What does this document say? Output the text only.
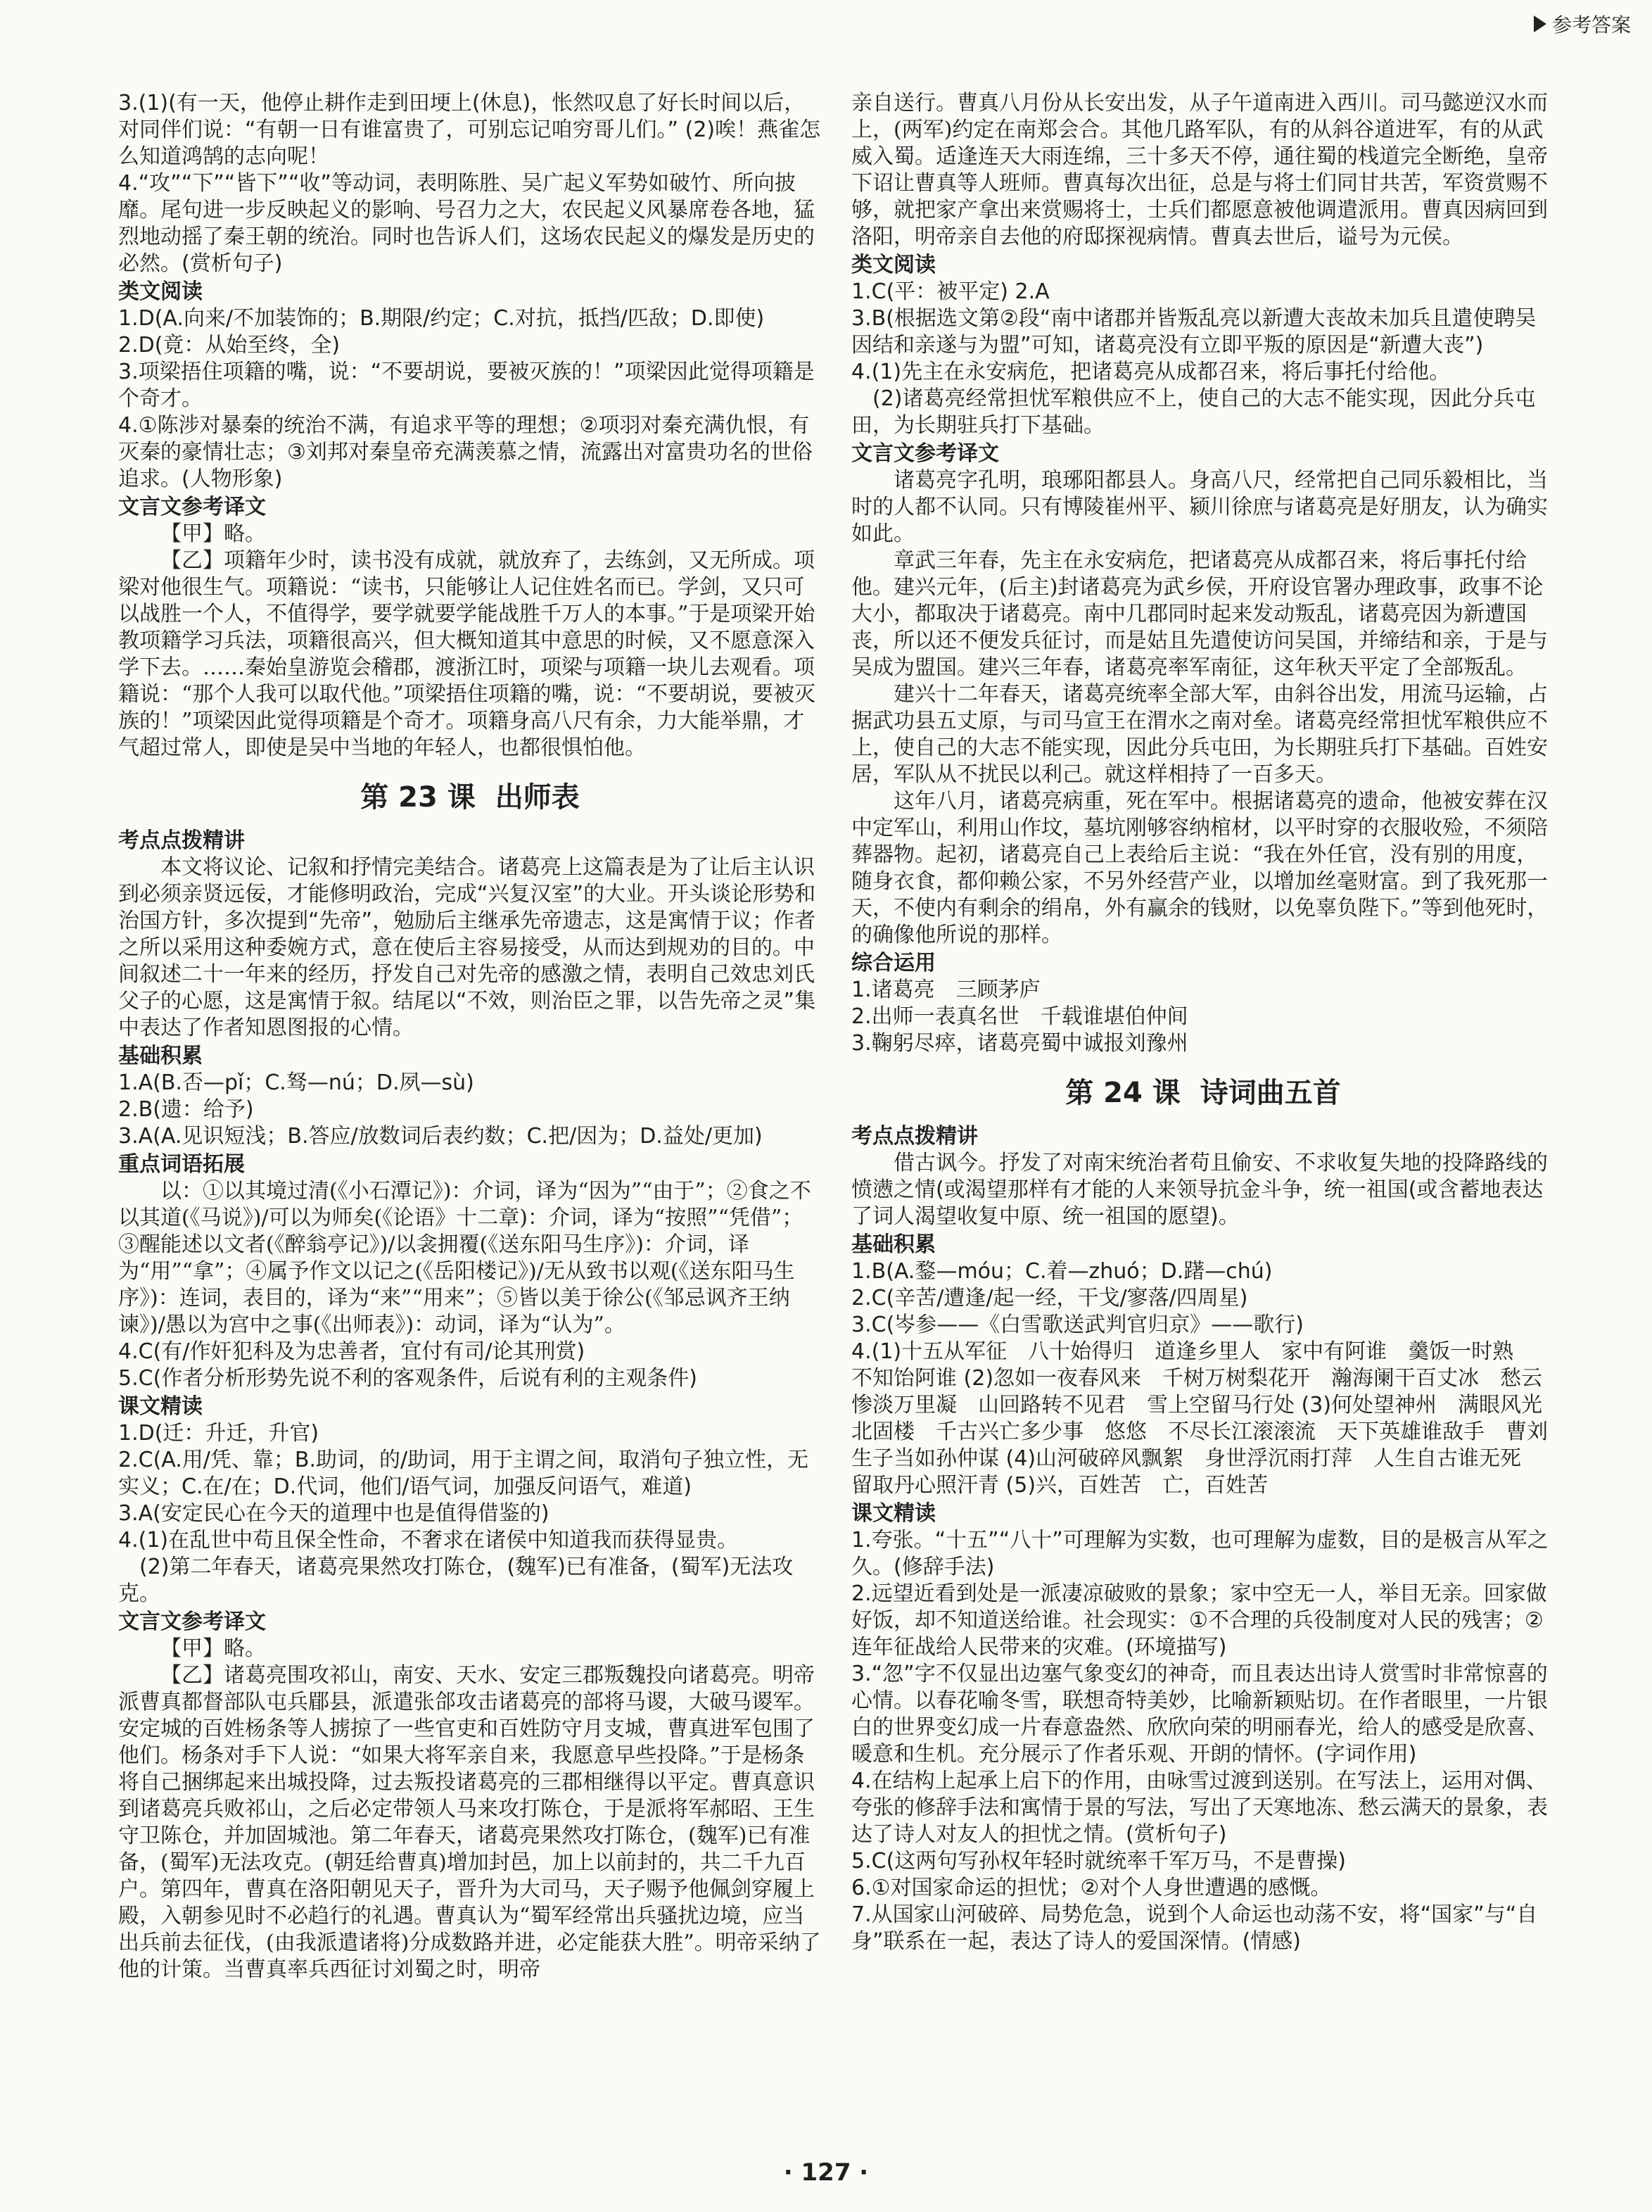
参考答案

3.(1)(有一天，他停止耕作走到田埂上(休息)，怅然叹息了好长时间以后，对同伴们说：“有朝一日有谁富贵了，可别忘记咱穷哥儿们。” (2)唉！燕雀怎么知道鸿鹄的志向呢！

4.“攻”“下”“皆下”“收”等动词，表明陈胜、吴广起义军势如破竹、所向披靡。尾句进一步反映起义的影响、号召力之大，农民起义风暴席卷各地，猛烈地动摇了秦王朝的统治。同时也告诉人们，这场农民起义的爆发是历史的必然。(赏析句子)

类文阅读

1.D(A.向来/不加装饰的；B.期限/约定；C.对抗，抵挡/匹敌；D.即使)

2.D(竟：从始至终，全)

3.项梁捂住项籍的嘴，说：“不要胡说，要被灭族的！”项梁因此觉得项籍是个奇才。

4.①陈涉对暴秦的统治不满，有追求平等的理想；②项羽对秦充满仇恨，有灭秦的豪情壮志；③刘邦对秦皇帝充满羡慕之情，流露出对富贵功名的世俗追求。(人物形象)

文言文参考译文

【甲】略。

【乙】项籍年少时，读书没有成就，就放弃了，去练剑，又无所成。项梁对他很生气。项籍说：“读书，只能够让人记住姓名而已。学剑，又只可以战胜一个人，不值得学，要学就要学能战胜千万人的本事。”于是项梁开始教项籍学习兵法，项籍很高兴，但大概知道其中意思的时候，又不愿意深入学下去。……秦始皇游览会稽郡，渡浙江时，项梁与项籍一块儿去观看。项籍说：“那个人我可以取代他。”项梁捂住项籍的嘴，说：“不要胡说，要被灭族的！”项梁因此觉得项籍是个奇才。项籍身高八尺有余，力大能举鼎，才气超过常人，即使是吴中当地的年轻人，也都很惧怕他。

第 23 课 出师表

考点点拨精讲

本文将议论、记叙和抒情完美结合。诸葛亮上这篇表是为了让后主认识到必须亲贤远佞，才能修明政治，完成“兴复汉室”的大业。开头谈论形势和治国方针，多次提到“先帝”，勉励后主继承先帝遗志，这是寓情于议；作者之所以采用这种委婉方式，意在使后主容易接受，从而达到规劝的目的。中间叙述二十一年来的经历，抒发自己对先帝的感激之情，表明自己效忠刘氏父子的心愿，这是寓情于叙。结尾以“不效，则治臣之罪，以告先帝之灵”集中表达了作者知恩图报的心情。

基础积累

1.A(B.否—pǐ；C.驽—nú；D.夙—sù)

2.B(遗：给予)

3.A(A.见识短浅；B.答应/放数词后表约数；C.把/因为；D.益处/更加)

重点词语拓展

以：①以其境过清(《小石潭记》)：介词，译为“因为”“由于”；②食之不以其道(《马说》)/可以为师矣(《论语》十二章)：介词，译为“按照”“凭借”；③醒能述以文者(《醉翁亭记》)/以衾拥覆(《送东阳马生序》)：介词，译为“用”“拿”；④属予作文以记之(《岳阳楼记》)/无从致书以观(《送东阳马生序》)：连词，表目的，译为“来”“用来”；⑤皆以美于徐公(《邹忌讽齐王纳谏》)/愚以为宫中之事(《出师表》)：动词，译为“认为”。

4.C(有/作奸犯科及为忠善者，宜付有司/论其刑赏)

5.C(作者分析形势先说不利的客观条件，后说有利的主观条件)

课文精读

1.D(迁：升迁，升官)

2.C(A.用/凭、靠；B.助词，的/助词，用于主谓之间，取消句子独立性，无实义；C.在/在；D.代词，他们/语气词，加强反问语气，难道)

3.A(安定民心在今天的道理中也是值得借鉴的)

4.(1)在乱世中苟且保全性命，不奢求在诸侯中知道我而获得显贵。

(2)第二年春天，诸葛亮果然攻打陈仓，(魏军)已有准备，(蜀军)无法攻克。

文言文参考译文

【甲】略。

【乙】诸葛亮围攻祁山，南安、天水、安定三郡叛魏投向诸葛亮。明帝派曹真都督部队屯兵郿县，派遣张郃攻击诸葛亮的部将马谡，大破马谡军。安定城的百姓杨条等人掳掠了一些官吏和百姓防守月支城，曹真进军包围了他们。杨条对手下人说：“如果大将军亲自来，我愿意早些投降。”于是杨条将自己捆绑起来出城投降，过去叛投诸葛亮的三郡相继得以平定。曹真意识到诸葛亮兵败祁山，之后必定带领人马来攻打陈仓，于是派将军郝昭、王生守卫陈仓，并加固城池。第二年春天，诸葛亮果然攻打陈仓，(魏军)已有准备，(蜀军)无法攻克。(朝廷给曹真)增加封邑，加上以前封的，共二千九百户。第四年，曹真在洛阳朝见天子，晋升为大司马，天子赐予他佩剑穿履上殿，入朝参见时不必趋行的礼遇。曹真认为“蜀军经常出兵骚扰边境，应当出兵前去征伐，(由我派遣诸将)分成数路并进，必定能获大胜”。明帝采纳了他的计策。当曹真率兵西征讨刘蜀之时，明帝

亲自送行。曹真八月份从长安出发，从子午道南进入西川。司马懿逆汉水而上，(两军)约定在南郑会合。其他几路军队，有的从斜谷道进军，有的从武威入蜀。适逢连天大雨连绵，三十多天不停，通往蜀的栈道完全断绝，皇帝下诏让曹真等人班师。曹真每次出征，总是与将士们同甘共苦，军资赏赐不够，就把家产拿出来赏赐将士，士兵们都愿意被他调遣派用。曹真因病回到洛阳，明帝亲自去他的府邸探视病情。曹真去世后，谥号为元侯。

类文阅读

1.C(平：被平定) 2.A

3.B(根据选文第②段“南中诸郡并皆叛乱亮以新遭大丧故未加兵且遣使聘吴因结和亲遂与为盟”可知，诸葛亮没有立即平叛的原因是“新遭大丧”)

4.(1)先主在永安病危，把诸葛亮从成都召来，将后事托付给他。

(2)诸葛亮经常担忧军粮供应不上，使自己的大志不能实现，因此分兵屯田，为长期驻兵打下基础。

文言文参考译文

诸葛亮字孔明，琅琊阳都县人。身高八尺，经常把自己同乐毅相比，当时的人都不认同。只有博陵崔州平、颍川徐庶与诸葛亮是好朋友，认为确实如此。

章武三年春，先主在永安病危，把诸葛亮从成都召来，将后事托付给他。建兴元年，(后主)封诸葛亮为武乡侯，开府设官署办理政事，政事不论大小，都取决于诸葛亮。南中几郡同时起来发动叛乱，诸葛亮因为新遭国丧，所以还不便发兵征讨，而是姑且先遣使访问吴国，并缔结和亲，于是与吴成为盟国。建兴三年春，诸葛亮率军南征，这年秋天平定了全部叛乱。

建兴十二年春天，诸葛亮统率全部大军，由斜谷出发，用流马运输，占据武功县五丈原，与司马宣王在渭水之南对垒。诸葛亮经常担忧军粮供应不上，使自己的大志不能实现，因此分兵屯田，为长期驻兵打下基础。百姓安居，军队从不扰民以利己。就这样相持了一百多天。

这年八月，诸葛亮病重，死在军中。根据诸葛亮的遗命，他被安葬在汉中定军山，利用山作坟，墓坑刚够容纳棺材，以平时穿的衣服收殓，不须陪葬器物。起初，诸葛亮自己上表给后主说：“我在外任官，没有别的用度，随身衣食，都仰赖公家，不另外经营产业，以增加丝毫财富。到了我死那一天，不使内有剩余的绢帛，外有赢余的钱财，以免辜负陛下。”等到他死时，的确像他所说的那样。

综合运用

1.诸葛亮　三顾茅庐

2.出师一表真名世　千载谁堪伯仲间

3.鞠躬尽瘁，诸葛亮蜀中诚报刘豫州

第 24 课 诗词曲五首

考点点拨精讲

借古讽今。抒发了对南宋统治者苟且偷安、不求收复失地的投降路线的愤懑之情(或渴望那样有才能的人来领导抗金斗争，统一祖国(或含蓄地表达了词人渴望收复中原、统一祖国的愿望)。

基础积累

1.B(A.鍪—móu；C.着—zhuó；D.躇—chú)

2.C(辛苦/遭逢/起一经，干戈/寥落/四周星)

3.C(岑参——《白雪歌送武判官归京》——歌行)

4.(1)十五从军征　八十始得归　道逢乡里人　家中有阿谁　羹饭一时熟　不知饴阿谁 (2)忽如一夜春风来　千树万树梨花开　瀚海阑干百丈冰　愁云惨淡万里凝　山回路转不见君　雪上空留马行处 (3)何处望神州　满眼风光北固楼　千古兴亡多少事　悠悠　不尽长江滚滚流　天下英雄谁敌手　曹刘　生子当如孙仲谋 (4)山河破碎风飘絮　身世浮沉雨打萍　人生自古谁无死　留取丹心照汗青 (5)兴，百姓苦　亡，百姓苦

课文精读

1.夸张。“十五”“八十”可理解为实数，也可理解为虚数，目的是极言从军之久。(修辞手法)

2.远望近看到处是一派凄凉破败的景象；家中空无一人，举目无亲。回家做好饭，却不知道送给谁。社会现实：①不合理的兵役制度对人民的残害；②连年征战给人民带来的灾难。(环境描写)

3.“忽”字不仅显出边塞气象变幻的神奇，而且表达出诗人赏雪时非常惊喜的心情。以春花喻冬雪，联想奇特美妙，比喻新颖贴切。在作者眼里，一片银白的世界变幻成一片春意盎然、欣欣向荣的明丽春光，给人的感受是欣喜、暖意和生机。充分展示了作者乐观、开朗的情怀。(字词作用)

4.在结构上起承上启下的作用，由咏雪过渡到送别。在写法上，运用对偶、夸张的修辞手法和寓情于景的写法，写出了天寒地冻、愁云满天的景象，表达了诗人对友人的担忧之情。(赏析句子)

5.C(这两句写孙权年轻时就统率千军万马，不是曹操)

6.①对国家命运的担忧；②对个人身世遭遇的感慨。

7.从国家山河破碎、局势危急，说到个人命运也动荡不安，将“国家”与“自身”联系在一起，表达了诗人的爱国深情。(情感)

· 127 ·
